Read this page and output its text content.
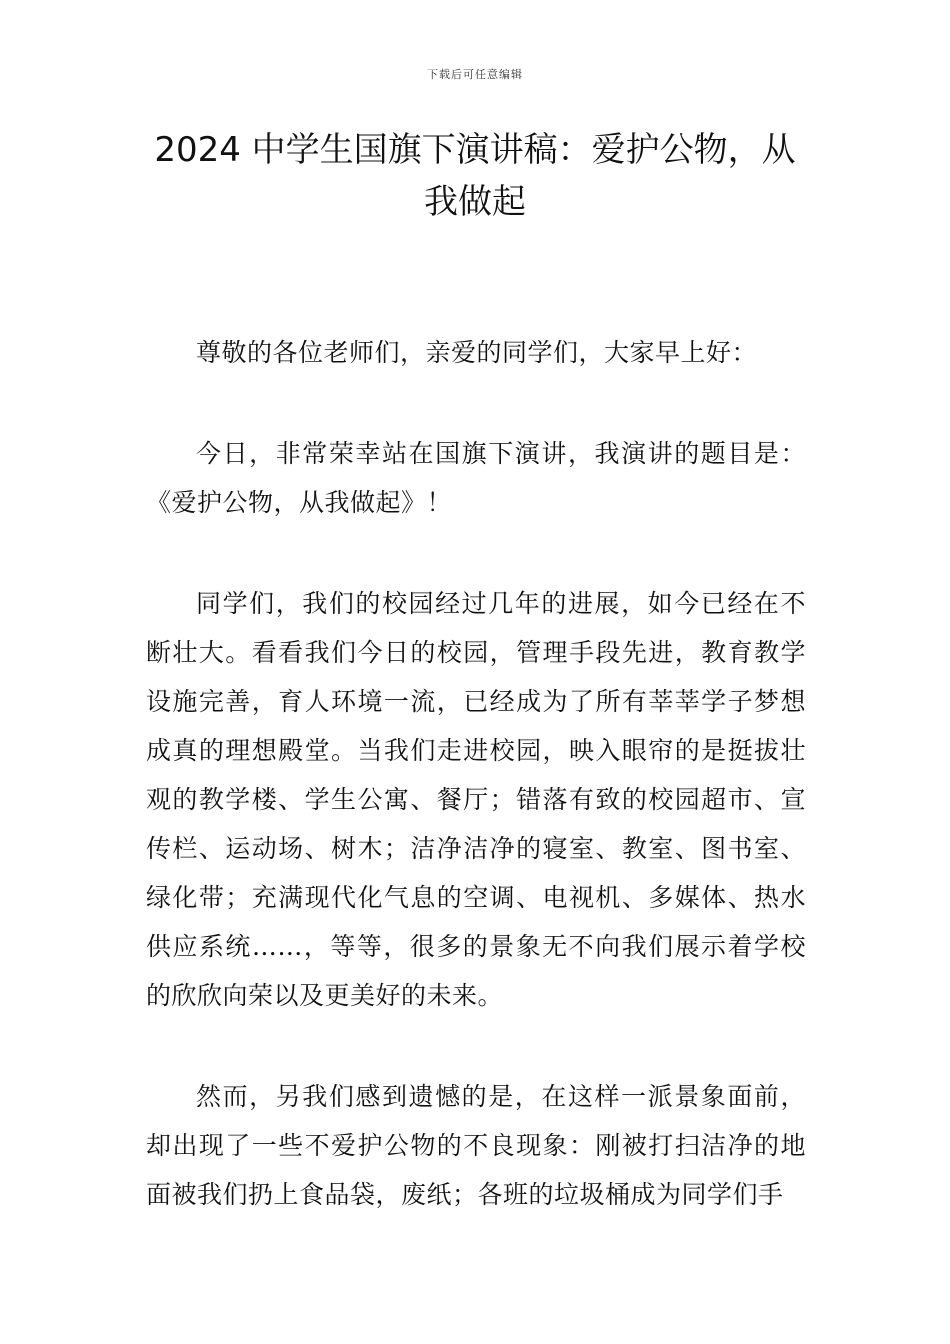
下载后可任意编辑
2024 中学生国旗下演讲稿：爱护公物，从我做起

尊敬的各位老师们，亲爱的同学们，大家早上好：

今日，非常荣幸站在国旗下演讲，我演讲的题目是：《爱护公物，从我做起》！

同学们，我们的校园经过几年的进展，如今已经在不断壮大。看看我们今日的校园，管理手段先进，教育教学设施完善，育人环境一流，已经成为了所有莘莘学子梦想成真的理想殿堂。当我们走进校园，映入眼帘的是挺拔壮观的教学楼、学生公寓、餐厅；错落有致的校园超市、宣传栏、运动场、树木；洁净洁净的寝室、教室、图书室、绿化带；充满现代化气息的空调、电视机、多媒体、热水供应系统……，等等，很多的景象无不向我们展示着学校的欣欣向荣以及更美好的未来。

然而，另我们感到遗憾的是，在这样一派景象面前，却出现了一些不爱护公物的不良现象：刚被打扫洁净的地面被我们扔上食品袋，废纸；各班的垃圾桶成为同学们手
